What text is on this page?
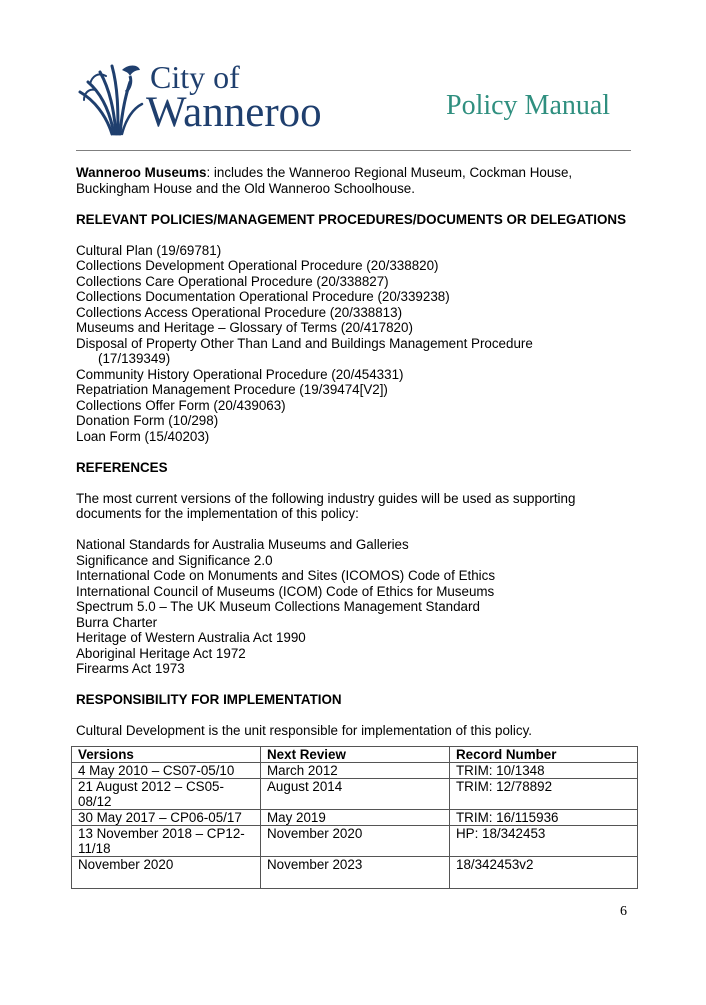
City of
Wanneroo	Policy Manual

Wanneroo Museums: includes the Wanneroo Regional Museum, Cockman House, Buckingham House and the Old Wanneroo Schoolhouse.

RELEVANT POLICIES/MANAGEMENT PROCEDURES/DOCUMENTS OR DELEGATIONS

Cultural Plan (19/69781)

Collections Development Operational Procedure (20/338820)

Collections Care Operational Procedure (20/338827)

Collections Documentation Operational Procedure (20/339238)

Collections Access Operational Procedure (20/338813)

Museums and Heritage – Glossary of Terms (20/417820)

Disposal of Property Other Than Land and Buildings Management Procedure

(17/139349)

Community History Operational Procedure (20/454331)

Repatriation Management Procedure (19/39474[V2])

Collections Offer Form (20/439063)

Donation Form (10/298)

Loan Form (15/40203)

REFERENCES

The most current versions of the following industry guides will be used as supporting documents for the implementation of this policy:

National Standards for Australia Museums and Galleries

Significance and Significance 2.0

International Code on Monuments and Sites (ICOMOS) Code of Ethics

International Council of Museums (ICOM) Code of Ethics for Museums

Spectrum 5.0 – The UK Museum Collections Management Standard

Burra Charter

Heritage of Western Australia Act 1990

Aboriginal Heritage Act 1972

Firearms Act 1973

RESPONSIBILITY FOR IMPLEMENTATION

Cultural Development is the unit responsible for implementation of this policy.

Versions	Next Review	Record Number
4 May 2010 – CS07-05/10	March 2012	TRIM: 10/1348
21 August 2012 – CS05-08/12	August 2014	TRIM: 12/78892
30 May 2017 – CP06-05/17	May 2019	TRIM: 16/115936
13 November 2018 – CP12-11/18	November 2020	HP: 18/342453
November 2020	November 2023	18/342453v2
6
